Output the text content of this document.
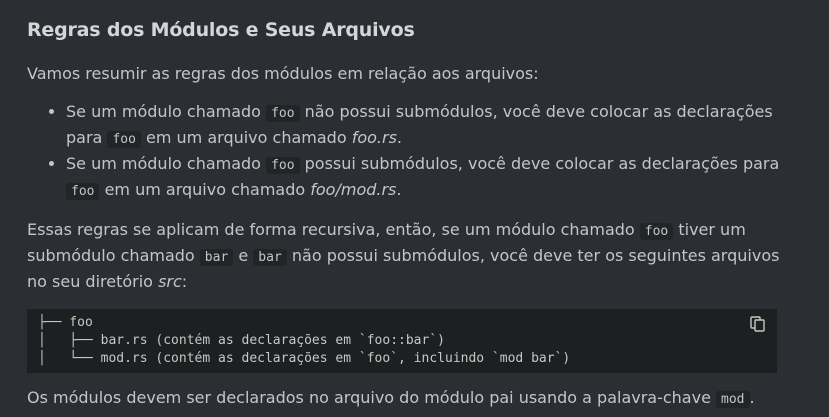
Regras dos Módulos e Seus Arquivos

Vamos resumir as regras dos módulos em relação aos arquivos:

• Se um módulo chamado foo não possui submódulos, você deve colocar as declarações para foo em um arquivo chamado foo.rs.
• Se um módulo chamado foo possui submódulos, você deve colocar as declarações para foo em um arquivo chamado foo/mod.rs.

Essas regras se aplicam de forma recursiva, então, se um módulo chamado foo tiver um submódulo chamado bar e bar não possui submódulos, você deve ter os seguintes arquivos no seu diretório src:

├── foo
│   ├── bar.rs (contém as declarações em `foo::bar`)
│   └── mod.rs (contém as declarações em `foo`, incluindo `mod bar`)

Os módulos devem ser declarados no arquivo do módulo pai usando a palavra-chave mod .
